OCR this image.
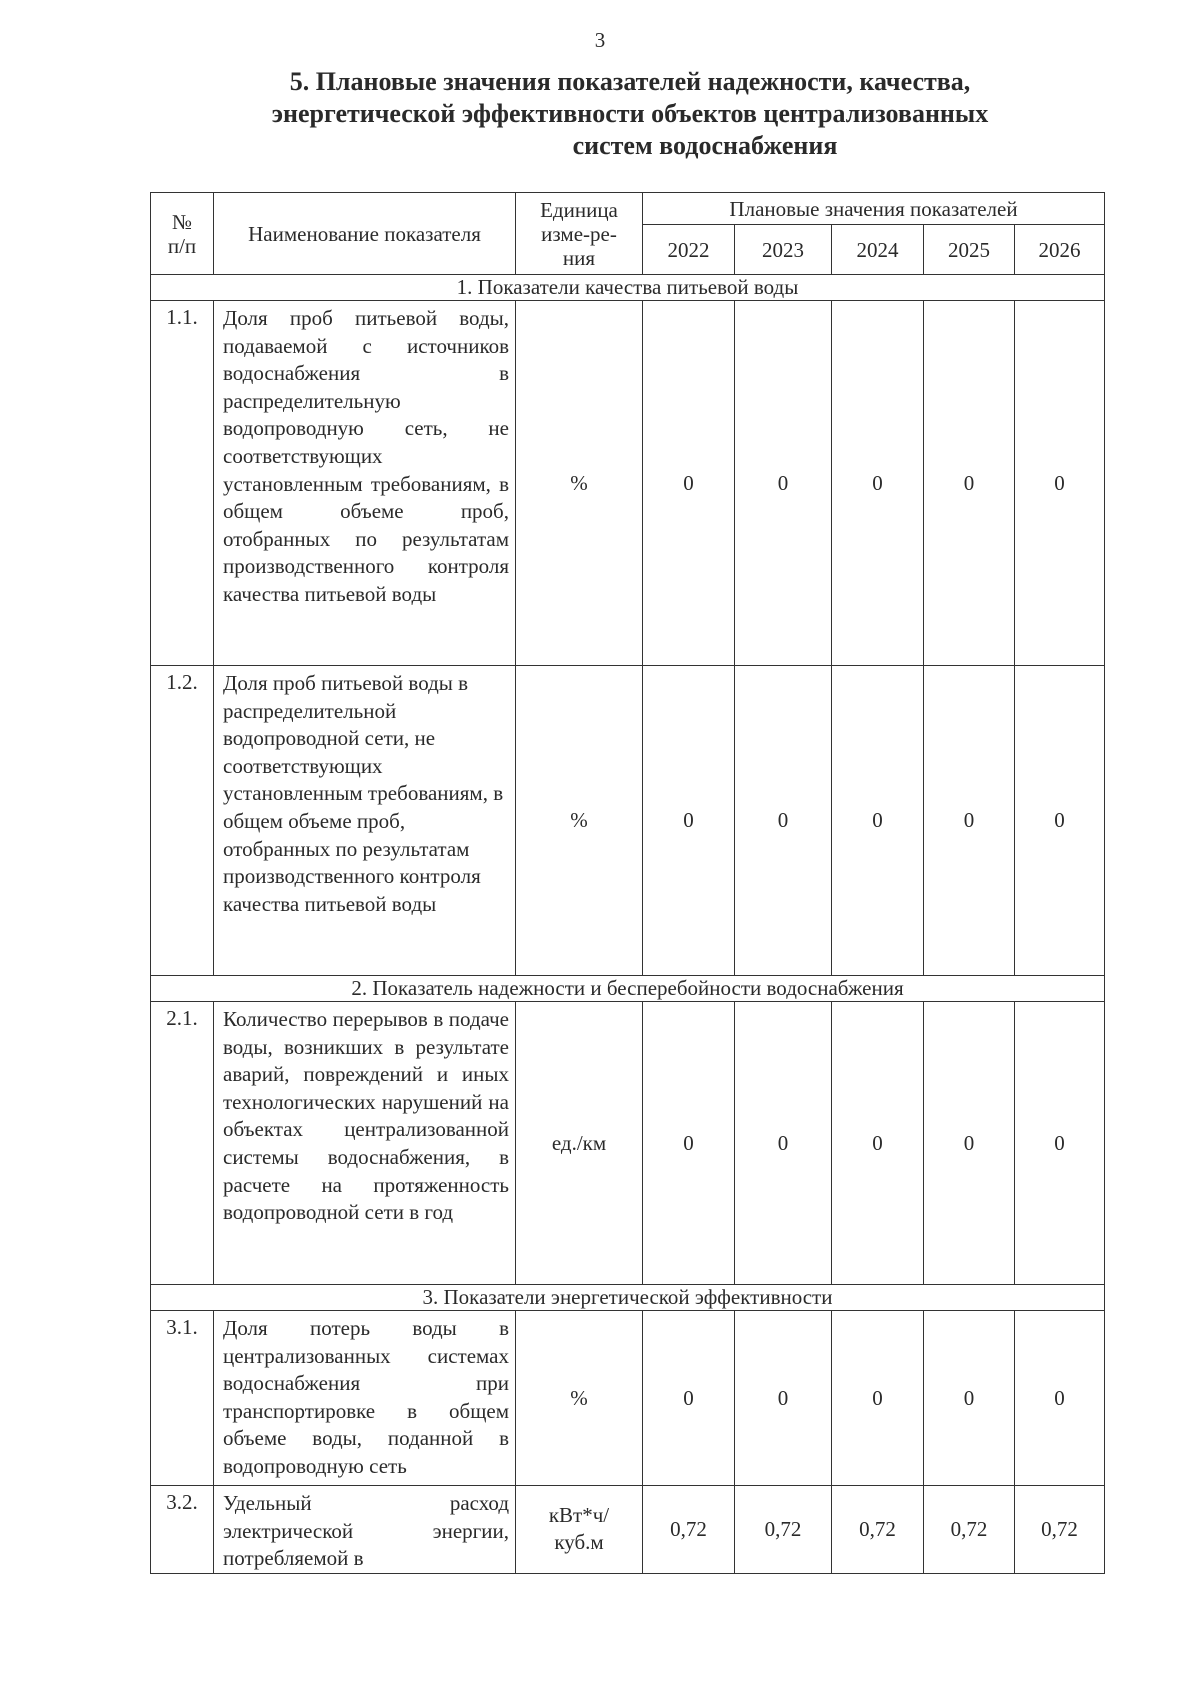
3
5. Плановые значения показателей надежности, качества,
энергетической эффективности объектов централизованных
систем водоснабжения
№ п/п	Наименование показателя	Единица изме-ре-ния	Плановые значения показателей				
			2022	2023	2024	2025	2026
1. Показатели качества питьевой воды							
1.1.	Доля проб питьевой воды, подаваемой с источников водоснабжения в распределительную водопроводную сеть, не соответствующих установленным требованиям, в общем объеме проб, отобранных по результатам производственного контроля качества питьевой воды	%	0	0	0	0	0
1.2.	Доля проб питьевой воды в распределительной водопроводной сети, не соответствующих установленным требованиям, в общем объеме проб, отобранных по результатам производственного контроля качества питьевой воды	%	0	0	0	0	0
2. Показатель надежности и бесперебойности водоснабжения							
2.1.	Количество перерывов в подаче воды, возникших в результате аварий, повреждений и иных технологических нарушений на объектах централизованной системы водоснабжения, в расчете на протяженность водопроводной сети в год	ед./км	0	0	0	0	0
3. Показатели энергетической эффективности							
3.1.	Доля потерь воды в централизованных системах водоснабжения при транспортировке в общем объеме воды, поданной в водопроводную сеть	%	0	0	0	0	0
3.2.	Удельный расход электрической энергии, потребляемой в	кВт*ч/ куб.м	0,72	0,72	0,72	0,72	0,72
